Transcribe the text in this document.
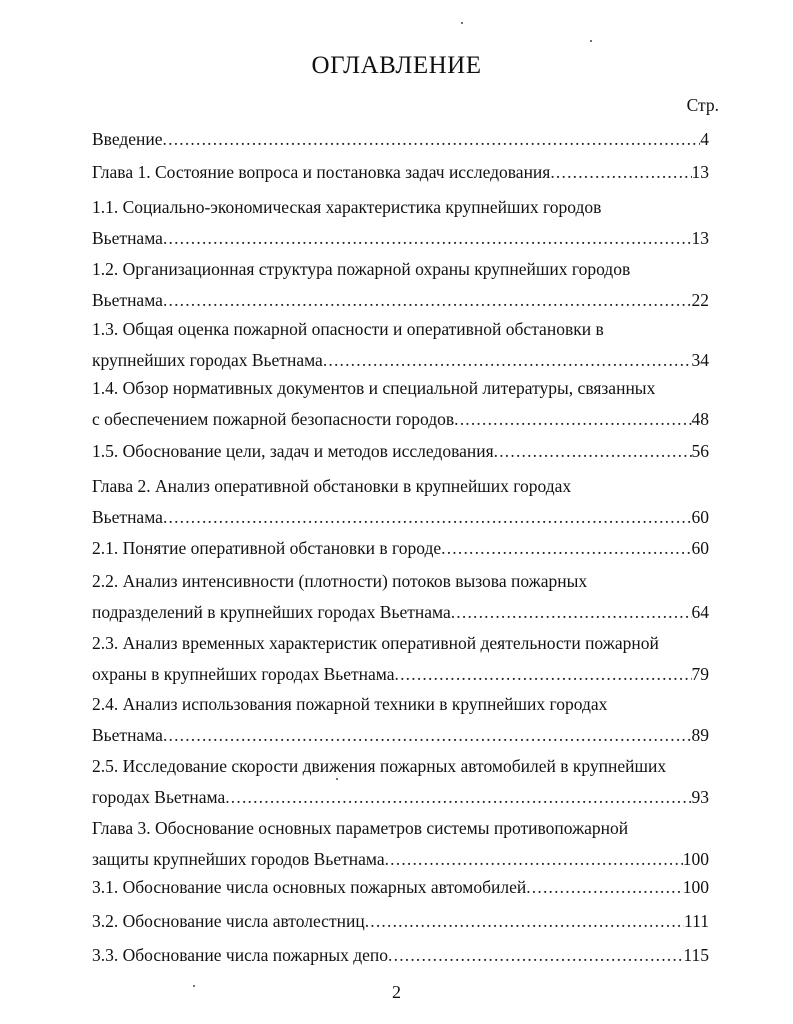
ОГЛАВЛЕНИЕ
Стр.
Введение .....	4
Глава 1. Состояние вопроса и постановка задач исследования .....	13
1.1. Социально-экономическая характеристика крупнейших городов
Вьетнама .....	13
1.2. Организационная структура пожарной охраны крупнейших городов
Вьетнама .....	22
1.3. Общая оценка пожарной опасности и оперативной обстановки в
крупнейших городах Вьетнама .....	34
1.4. Обзор нормативных документов и специальной литературы, связанных
с обеспечением пожарной безопасности городов .....	48
1.5. Обоснование цели, задач и методов исследования .....	56
Глава 2. Анализ оперативной обстановки в крупнейших городах
Вьетнама .....	60
2.1. Понятие оперативной обстановки в городе .....	60
2.2. Анализ интенсивности (плотности) потоков вызова пожарных
подразделений в крупнейших городах Вьетнама .....	64
2.3. Анализ временных характеристик оперативной деятельности пожарной
охраны в крупнейших городах Вьетнама .....	79
2.4. Анализ использования пожарной техники в крупнейших городах
Вьетнама .....	89
2.5. Исследование скорости движения пожарных автомобилей в крупнейших
городах Вьетнама .....	93
Глава 3. Обоснование основных параметров системы противопожарной
защиты крупнейших городов Вьетнама .....	100
3.1. Обоснование числа основных пожарных автомобилей .....	100
3.2. Обоснование числа автолестниц .....	111
3.3. Обоснование числа пожарных депо .....	115
2
